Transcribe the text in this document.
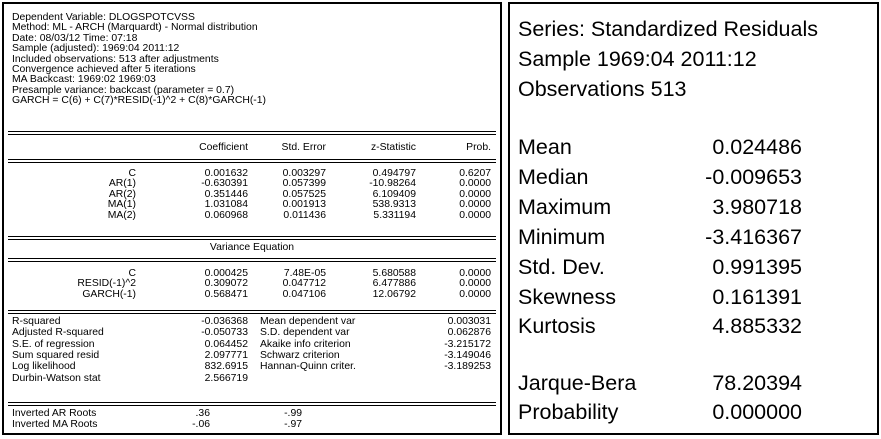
Dependent Variable: DLOGSPOTCVSS
Method: ML - ARCH (Marquardt) - Normal distribution
Date: 08/03/12 Time: 07:18
Sample (adjusted): 1969:04 2011:12
Included observations: 513 after adjustments
Convergence achieved after 5 iterations
MA Backcast: 1969:02 1969:03
Presample variance: backcast (parameter = 0.7)
GARCH = C(6) + C(7)*RESID(-1)^2 + C(8)*GARCH(-1)
Coefficient	Std. Error	z-Statistic	Prob.
C	0.001632	0.003297	0.494797	0.6207
AR(1)	-0.630391	0.057399	-10.98264	0.0000
AR(2)	0.351446	0.057525	6.109409	0.0000
MA(1)	1.031084	0.001913	538.9313	0.0000
MA(2)	0.060968	0.011436	5.331194	0.0000
Variance Equation
C	0.000425	7.48E-05	5.680588	0.0000
RESID(-1)^2	0.309072	0.047712	6.477886	0.0000
GARCH(-1)	0.568471	0.047106	12.06792	0.0000
R-squared	-0.036368 Mean dependent var	0.003031
Adjusted R-squared	-0.050733 S.D. dependent var	0.062876
S.E. of regression	0.064452 Akaike info criterion	-3.215172
Sum squared resid	2.097771 Schwarz criterion	-3.149046
Log likelihood	832.6915 Hannan-Quinn criter.	-3.189253
Durbin-Watson stat	2.566719
Inverted AR Roots	.36	-.99
Inverted MA Roots	-.06	-.97
Series: Standardized Residuals
Sample 1969:04 2011:12
Observations 513
Mean	0.024486
Median	-0.009653
Maximum	3.980718
Minimum	-3.416367
Std. Dev.	0.991395
Skewness	0.161391
Kurtosis	4.885332
Jarque-Bera	78.20394
Probability	0.000000
